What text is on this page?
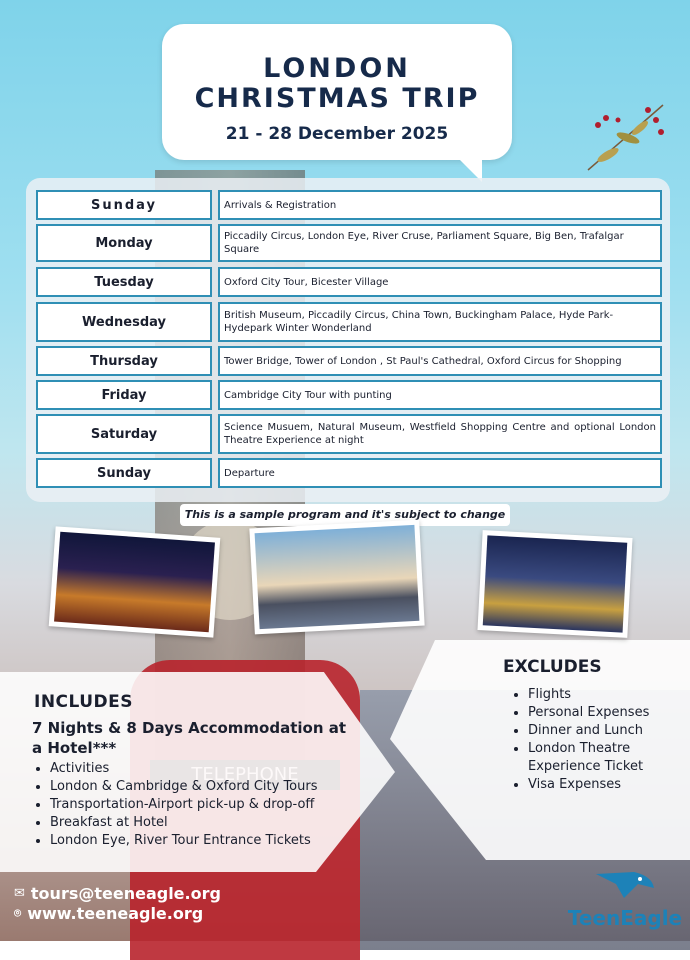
LONDON
CHRISTMAS TRIP
21 - 28 December 2025
Sunday	Arrivals & Registration
Monday	Piccadily Circus, London Eye, River Cruse, Parliament Square, Big Ben, Trafalgar Square
Tuesday	Oxford City Tour, Bicester Village
Wednesday	British Museum, Piccadily Circus, China Town, Buckingham Palace, Hyde Park- Hydepark Winter Wonderland
Thursday	Tower Bridge, Tower of London , St Paul's Cathedral, Oxford Circus for Shopping
Friday	Cambridge City Tour with punting
Saturday	Science Musuem, Natural Museum, Westfield Shopping Centre and optional London Theatre Experience at night
Sunday	Departure
This is a sample program and it's subject to change
INCLUDES
7 Nights & 8 Days Accommodation at a Hotel***
• Activities
• London & Cambridge & Oxford City Tours
• Transportation-Airport pick-up & drop-off
• Breakfast at Hotel
• London Eye, River Tour Entrance Tickets
EXCLUDES
• Flights
• Personal Expenses
• Dinner and Lunch
• London Theatre Experience Ticket
• Visa Expenses
✉ tours@teeneagle.org
⌾ www.teeneagle.org	TeenEagle
